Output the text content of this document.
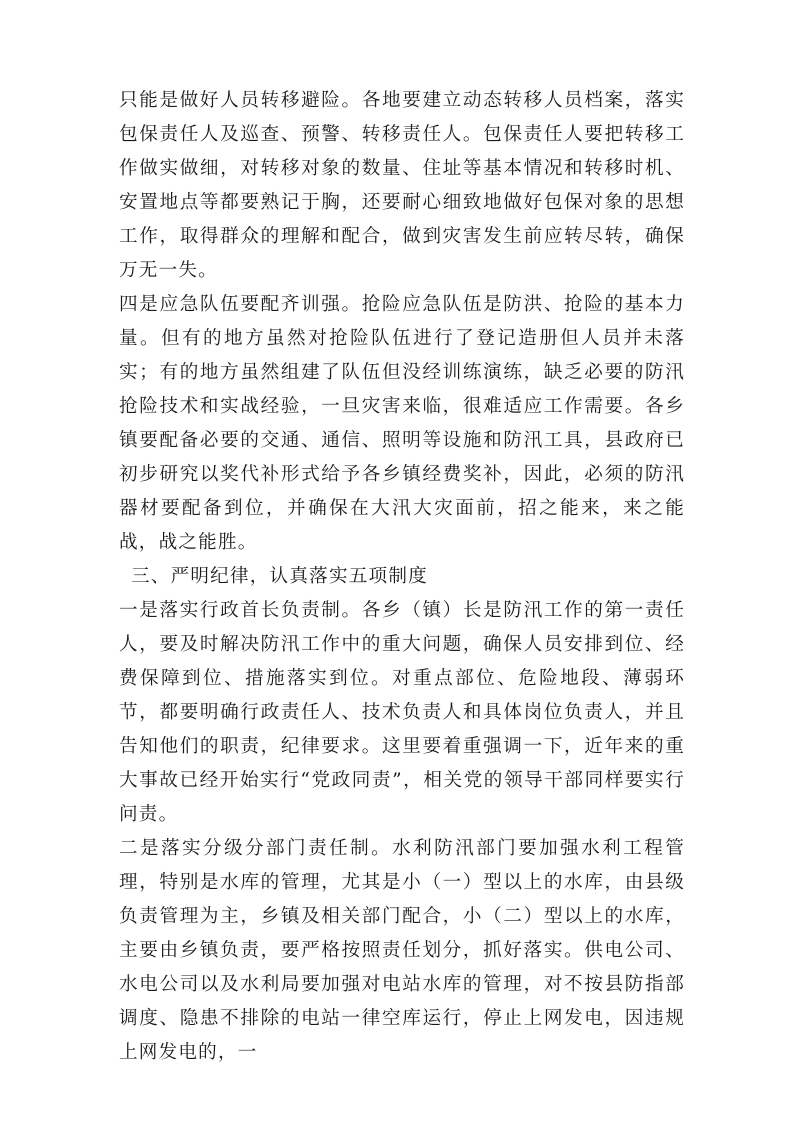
只能是做好人员转移避险。各地要建立动态转移人员档案，落实包保责任人及巡查、预警、转移责任人。包保责任人要把转移工作做实做细，对转移对象的数量、住址等基本情况和转移时机、安置地点等都要熟记于胸，还要耐心细致地做好包保对象的思想工作，取得群众的理解和配合，做到灾害发生前应转尽转，确保万无一失。

四是应急队伍要配齐训强。抢险应急队伍是防洪、抢险的基本力量。但有的地方虽然对抢险队伍进行了登记造册但人员并未落实；有的地方虽然组建了队伍但没经训练演练，缺乏必要的防汛抢险技术和实战经验，一旦灾害来临，很难适应工作需要。各乡镇要配备必要的交通、通信、照明等设施和防汛工具，县政府已初步研究以奖代补形式给予各乡镇经费奖补，因此，必须的防汛器材要配备到位，并确保在大汛大灾面前，招之能来，来之能战，战之能胜。

三、严明纪律，认真落实五项制度

一是落实行政首长负责制。各乡（镇）长是防汛工作的第一责任人，要及时解决防汛工作中的重大问题，确保人员安排到位、经费保障到位、措施落实到位。对重点部位、危险地段、薄弱环节，都要明确行政责任人、技术负责人和具体岗位负责人，并且告知他们的职责，纪律要求。这里要着重强调一下，近年来的重大事故已经开始实行“党政同责”，相关党的领导干部同样要实行问责。

二是落实分级分部门责任制。水利防汛部门要加强水利工程管理，特别是水库的管理，尤其是小（一）型以上的水库，由县级负责管理为主，乡镇及相关部门配合，小（二）型以上的水库，主要由乡镇负责，要严格按照责任划分，抓好落实。供电公司、水电公司以及水利局要加强对电站水库的管理，对不按县防指部调度、隐患不排除的电站一律空库运行，停止上网发电，因违规上网发电的，一
